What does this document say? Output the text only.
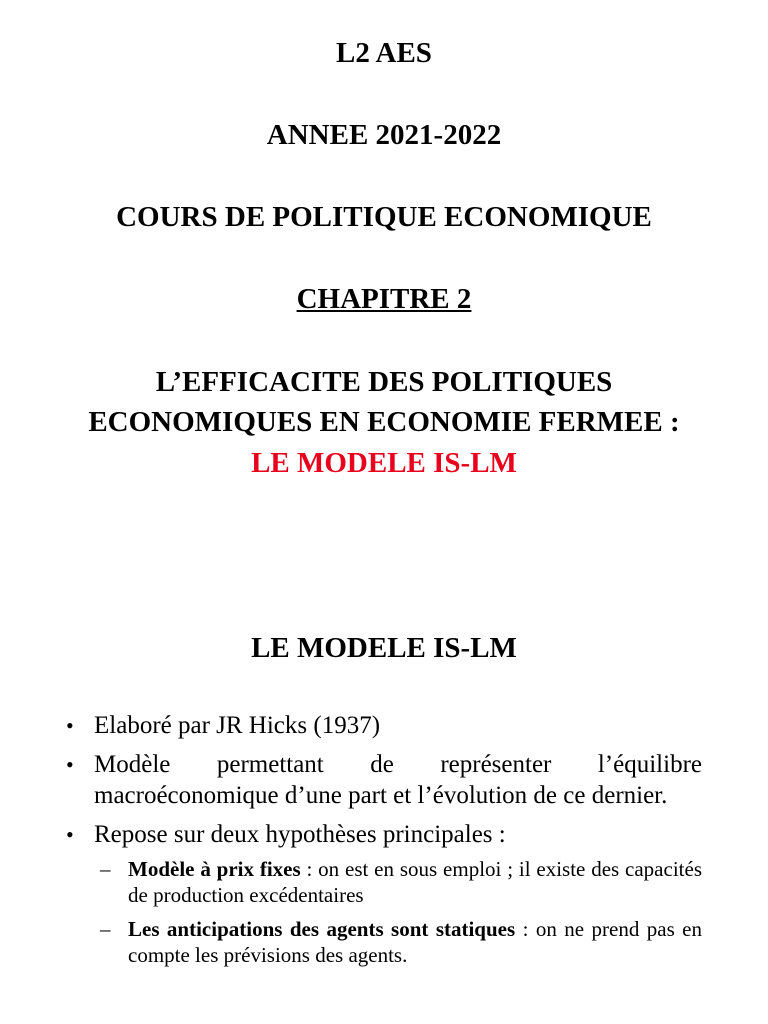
L2 AES
ANNEE 2021-2022
COURS DE POLITIQUE ECONOMIQUE
CHAPITRE 2
L’EFFICACITE DES POLITIQUES
ECONOMIQUES EN ECONOMIE FERMEE :
LE MODELE IS-LM
LE MODELE IS-LM
• Elaboré par JR Hicks (1937)
• Modèle permettant de représenter l’équilibre macroéconomique d’une part et l’évolution de ce dernier.
• Repose sur deux hypothèses principales :
– Modèle à prix fixes : on est en sous emploi ; il existe des capacités de production excédentaires
– Les anticipations des agents sont statiques : on ne prend pas en compte les prévisions des agents.
